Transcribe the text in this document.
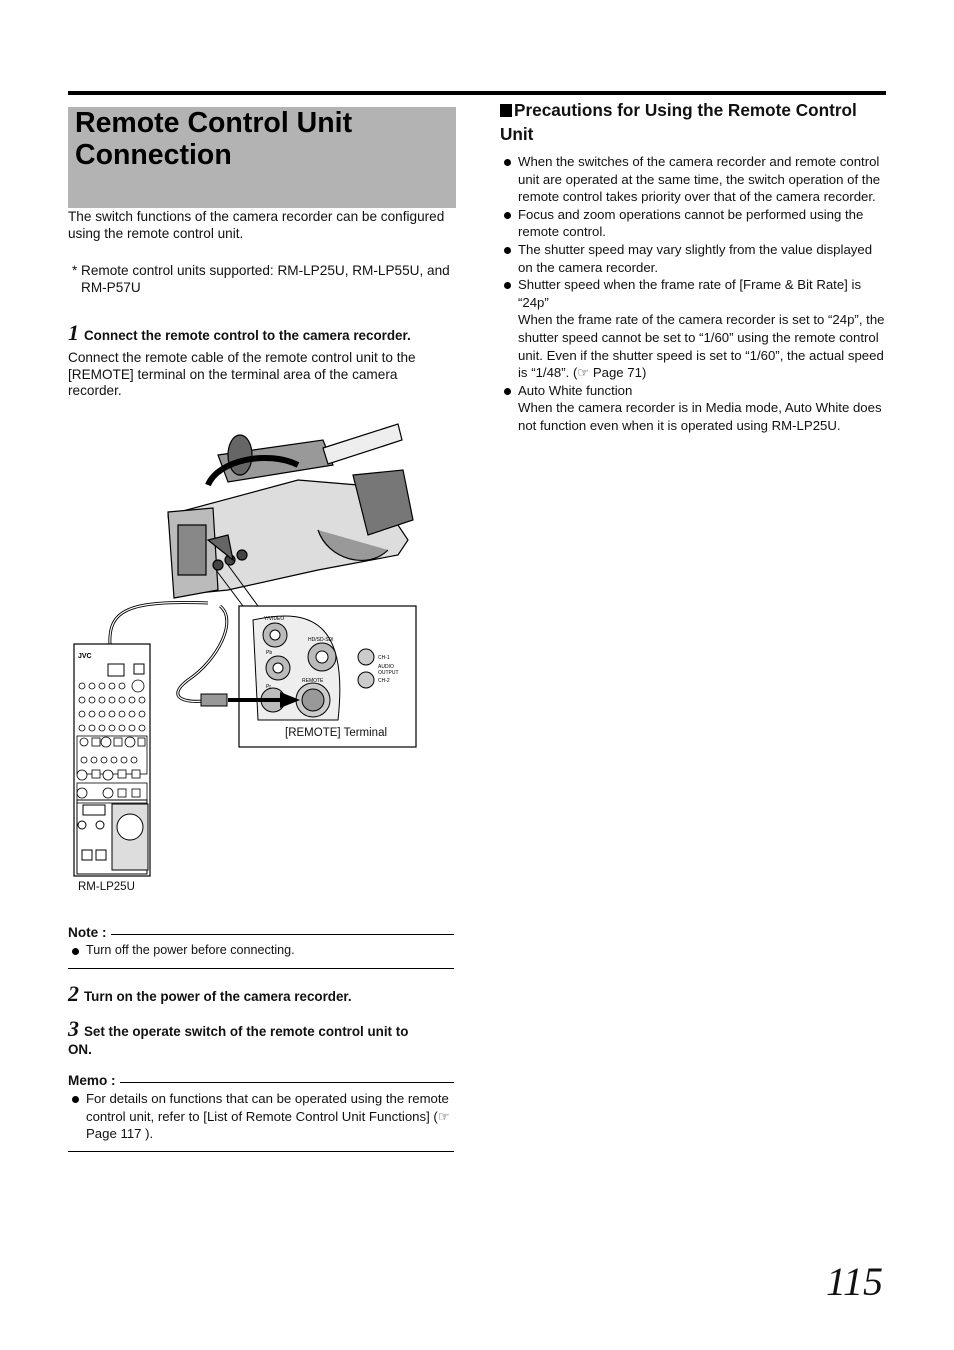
Remote Control Unit
Connection

The switch functions of the camera recorder can be configured using the remote control unit.

* Remote control units supported: RM-LP25U, RM-LP55U, and RM-P57U
1 Connect the remote control to the camera recorder.

Connect the remote cable of the remote control unit to the [REMOTE] terminal on the terminal area of the camera recorder.

Y/VIDEO
Pb
Pr
HD/SD-SDI
REMOTE
CH-1
CH-2
AUDIO
OUTPUT
JVC
[REMOTE] Terminal
RM-LP25U
Note :
Turn off the power before connecting.
2 Turn on the power of the camera recorder.
3 Set the operate switch of the remote control unit to
ON.
Memo :
For details on functions that can be operated using the remote control unit, refer to [List of Remote Control Unit Functions] (☞ Page 117 ).
Precautions for Using the Remote Control Unit
When the switches of the camera recorder and remote control unit are operated at the same time, the switch operation of the remote control takes priority over that of the camera recorder.
Focus and zoom operations cannot be performed using the remote control.
The shutter speed may vary slightly from the value displayed on the camera recorder.
Shutter speed when the frame rate of [Frame & Bit Rate] is “24p”
When the frame rate of the camera recorder is set to “24p”, the shutter speed cannot be set to “1/60” using the remote control unit. Even if the shutter speed is set to “1/60”, the actual speed is “1/48”. (☞ Page 71)
Auto White function
When the camera recorder is in Media mode, Auto White does not function even when it is operated using RM-LP25U.
115
